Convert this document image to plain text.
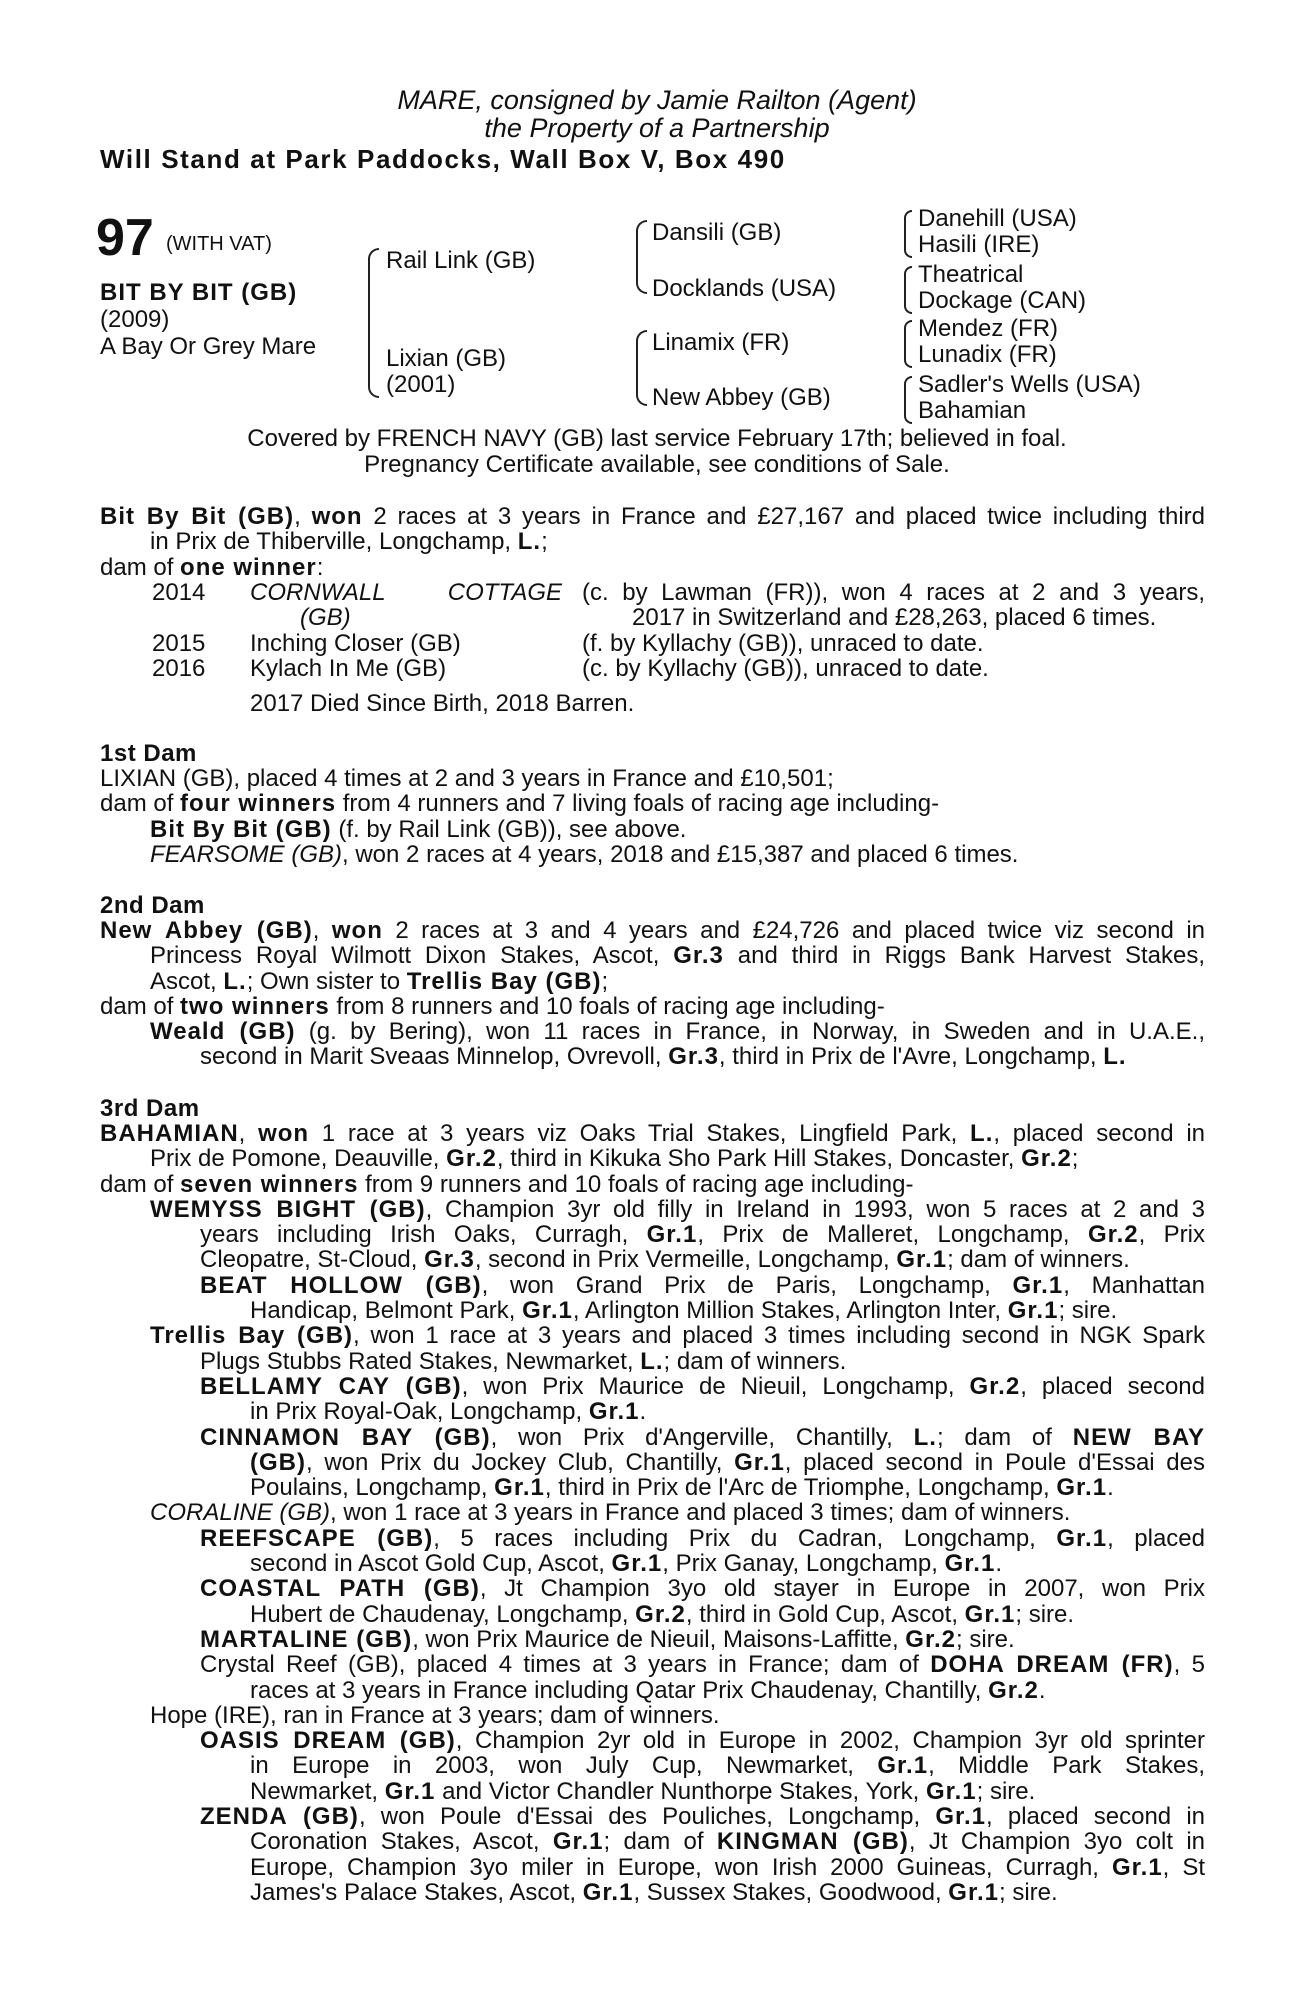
MARE, consigned by Jamie Railton (Agent)
the Property of a Partnership
Will Stand at Park Paddocks, Wall Box V, Box 490
97 (WITH VAT)
BIT BY BIT (GB)
(2009)
A Bay Or Grey Mare
Rail Link (GB)
Lixian (GB)
(2001)
Dansili (GB)
Docklands (USA)
Linamix (FR)
New Abbey (GB)
Danehill (USA)
Hasili (IRE)
Theatrical
Dockage (CAN)
Mendez (FR)
Lunadix (FR)
Sadler's Wells (USA)
Bahamian
Covered by FRENCH NAVY (GB) last service February 17th; believed in foal.
Pregnancy Certificate available, see conditions of Sale.
Bit By Bit (GB), won 2 races at 3 years in France and £27,167 and placed twice including third
in Prix de Thiberville, Longchamp, L.;
dam of one winner:
2014 CORNWALL COTTAGE
(GB)
(c. by Lawman (FR)), won 4 races at 2 and 3 years,
2017 in Switzerland and £28,263, placed 6 times.
2015 Inching Closer (GB)	(f. by Kyllachy (GB)), unraced to date.
2016 Kylach In Me (GB)	(c. by Kyllachy (GB)), unraced to date.
2017 Died Since Birth, 2018 Barren.
1st Dam
LIXIAN (GB), placed 4 times at 2 and 3 years in France and £10,501;
dam of four winners from 4 runners and 7 living foals of racing age including-
Bit By Bit (GB) (f. by Rail Link (GB)), see above.
FEARSOME (GB), won 2 races at 4 years, 2018 and £15,387 and placed 6 times.
2nd Dam
New Abbey (GB), won 2 races at 3 and 4 years and £24,726 and placed twice viz second in
Princess Royal Wilmott Dixon Stakes, Ascot, Gr.3 and third in Riggs Bank Harvest Stakes,
Ascot, L.; Own sister to Trellis Bay (GB);
dam of two winners from 8 runners and 10 foals of racing age including-
Weald (GB) (g. by Bering), won 11 races in France, in Norway, in Sweden and in U.A.E.,
second in Marit Sveaas Minnelop, Ovrevoll, Gr.3, third in Prix de l'Avre, Longchamp, L.
3rd Dam
BAHAMIAN, won 1 race at 3 years viz Oaks Trial Stakes, Lingfield Park, L., placed second in
Prix de Pomone, Deauville, Gr.2, third in Kikuka Sho Park Hill Stakes, Doncaster, Gr.2;
dam of seven winners from 9 runners and 10 foals of racing age including-
WEMYSS BIGHT (GB), Champion 3yr old filly in Ireland in 1993, won 5 races at 2 and 3
years including Irish Oaks, Curragh, Gr.1, Prix de Malleret, Longchamp, Gr.2, Prix
Cleopatre, St-Cloud, Gr.3, second in Prix Vermeille, Longchamp, Gr.1; dam of winners.
BEAT HOLLOW (GB), won Grand Prix de Paris, Longchamp, Gr.1, Manhattan
Handicap, Belmont Park, Gr.1, Arlington Million Stakes, Arlington Inter, Gr.1; sire.
Trellis Bay (GB), won 1 race at 3 years and placed 3 times including second in NGK Spark
Plugs Stubbs Rated Stakes, Newmarket, L.; dam of winners.
BELLAMY CAY (GB), won Prix Maurice de Nieuil, Longchamp, Gr.2, placed second
in Prix Royal-Oak, Longchamp, Gr.1.
CINNAMON BAY (GB), won Prix d'Angerville, Chantilly, L.; dam of NEW BAY
(GB), won Prix du Jockey Club, Chantilly, Gr.1, placed second in Poule d'Essai des
Poulains, Longchamp, Gr.1, third in Prix de l'Arc de Triomphe, Longchamp, Gr.1.
CORALINE (GB), won 1 race at 3 years in France and placed 3 times; dam of winners.
REEFSCAPE (GB), 5 races including Prix du Cadran, Longchamp, Gr.1, placed
second in Ascot Gold Cup, Ascot, Gr.1, Prix Ganay, Longchamp, Gr.1.
COASTAL PATH (GB), Jt Champion 3yo old stayer in Europe in 2007, won Prix
Hubert de Chaudenay, Longchamp, Gr.2, third in Gold Cup, Ascot, Gr.1; sire.
MARTALINE (GB), won Prix Maurice de Nieuil, Maisons-Laffitte, Gr.2; sire.
Crystal Reef (GB), placed 4 times at 3 years in France; dam of DOHA DREAM (FR), 5
races at 3 years in France including Qatar Prix Chaudenay, Chantilly, Gr.2.
Hope (IRE), ran in France at 3 years; dam of winners.
OASIS DREAM (GB), Champion 2yr old in Europe in 2002, Champion 3yr old sprinter
in Europe in 2003, won July Cup, Newmarket, Gr.1, Middle Park Stakes,
Newmarket, Gr.1 and Victor Chandler Nunthorpe Stakes, York, Gr.1; sire.
ZENDA (GB), won Poule d'Essai des Pouliches, Longchamp, Gr.1, placed second in
Coronation Stakes, Ascot, Gr.1; dam of KINGMAN (GB), Jt Champion 3yo colt in
Europe, Champion 3yo miler in Europe, won Irish 2000 Guineas, Curragh, Gr.1, St
James's Palace Stakes, Ascot, Gr.1, Sussex Stakes, Goodwood, Gr.1; sire.
